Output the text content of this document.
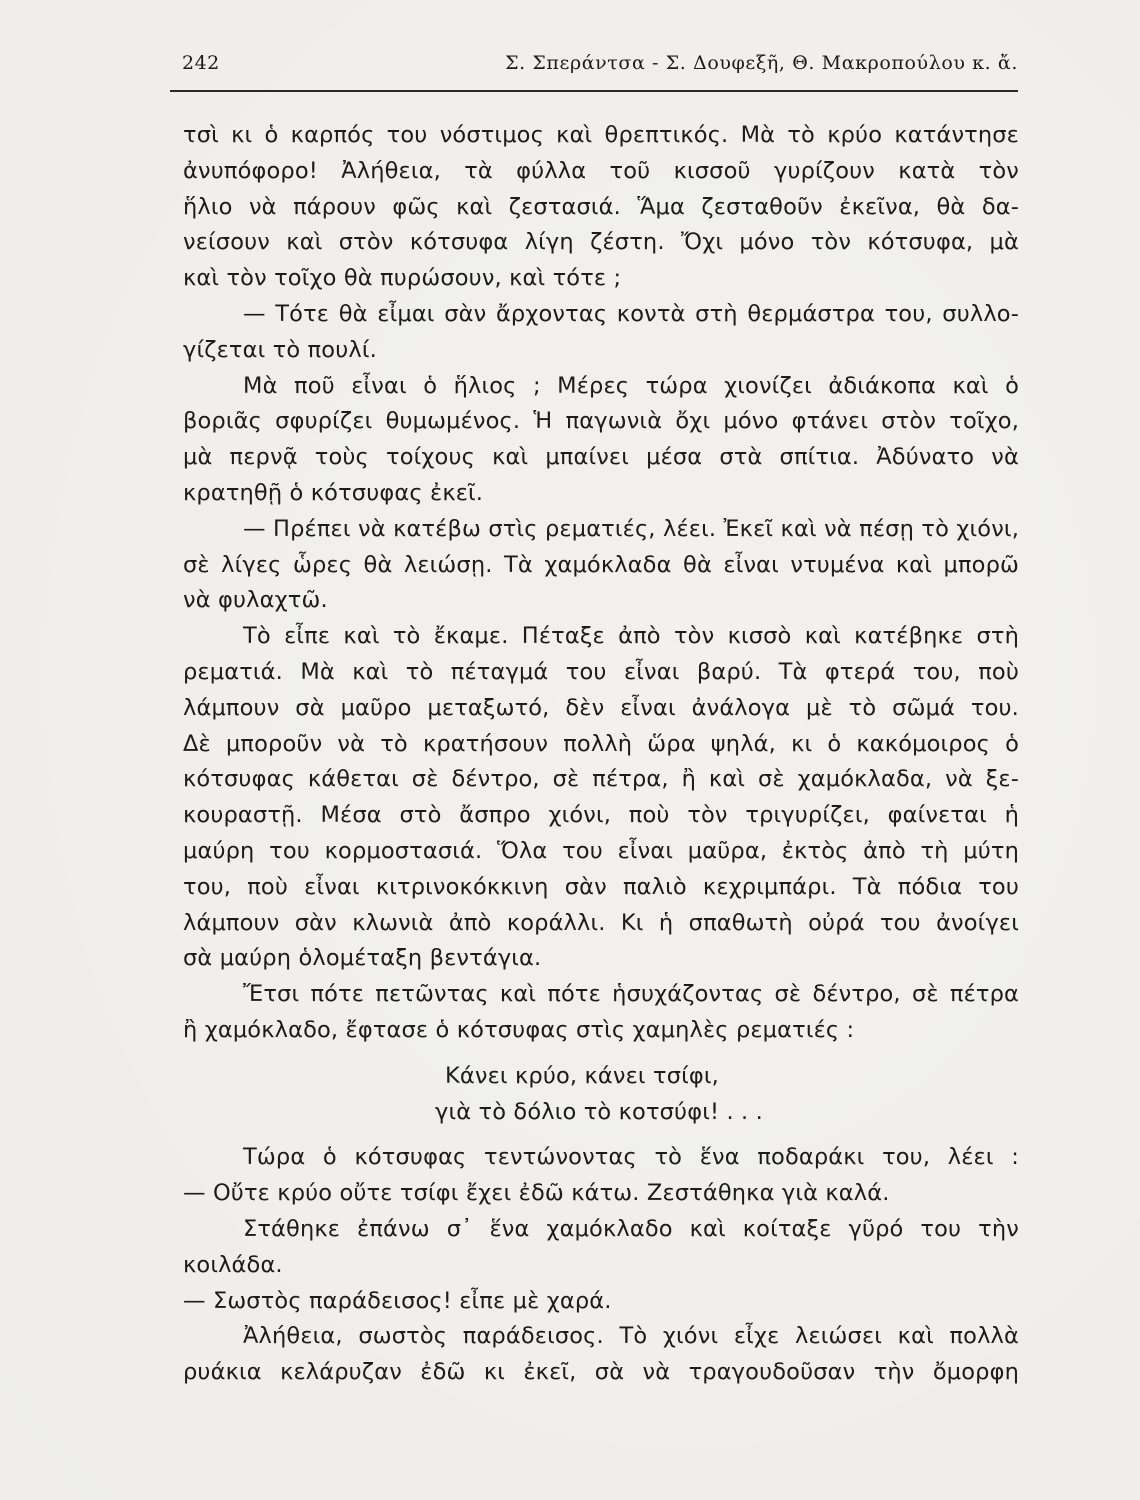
242	Σ. Σπεράντσα - Σ. Δουφεξῆ, Θ. Μακροπούλου κ. ἄ.
τσὶ κι ὁ καρπός του νόστιμος καὶ θρεπτικός. Μὰ τὸ κρύο κατάντησε
ἀνυπόφορο! Ἀλήθεια, τὰ φύλλα τοῦ κισσοῦ γυρίζουν κατὰ τὸν
ἥλιο νὰ πάρουν φῶς καὶ ζεστασιά. Ἅμα ζεσταθοῦν ἐκεῖνα, θὰ δα-
νείσουν καὶ στὸν κότσυφα λίγη ζέστη. Ὄχι μόνο τὸν κότσυφα, μὰ
καὶ τὸν τοῖχο θὰ πυρώσουν, καὶ τότε ;
— Τότε θὰ εἶμαι σὰν ἄρχοντας κοντὰ στὴ θερμάστρα του, συλλο-
γίζεται τὸ πουλί.
Μὰ ποῦ εἶναι ὁ ἥλιος ; Μέρες τώρα χιονίζει ἀδιάκοπα καὶ ὁ
βοριᾶς σφυρίζει θυμωμένος. Ἡ παγωνιὰ ὄχι μόνο φτάνει στὸν τοῖχο,
μὰ περνᾷ τοὺς τοίχους καὶ μπαίνει μέσα στὰ σπίτια. Ἀδύνατο νὰ
κρατηθῇ ὁ κότσυφας ἐκεῖ.
— Πρέπει νὰ κατέβω στὶς ρεματιές, λέει. Ἐκεῖ καὶ νὰ πέσῃ τὸ χιόνι,
σὲ λίγες ὧρες θὰ λειώσῃ. Τὰ χαμόκλαδα θὰ εἶναι ντυμένα καὶ μπορῶ
νὰ φυλαχτῶ.
Τὸ εἶπε καὶ τὸ ἔκαμε. Πέταξε ἀπὸ τὸν κισσὸ καὶ κατέβηκε στὴ
ρεματιά. Μὰ καὶ τὸ πέταγμά του εἶναι βαρύ. Τὰ φτερά του, ποὺ
λάμπουν σὰ μαῦρο μεταξωτό, δὲν εἶναι ἀνάλογα μὲ τὸ σῶμά του.
Δὲ μποροῦν νὰ τὸ κρατήσουν πολλὴ ὥρα ψηλά, κι ὁ κακόμοιρος ὁ
κότσυφας κάθεται σὲ δέντρο, σὲ πέτρα, ἢ καὶ σὲ χαμόκλαδα, νὰ ξε-
κουραστῇ. Μέσα στὸ ἄσπρο χιόνι, ποὺ τὸν τριγυρίζει, φαίνεται ἡ
μαύρη του κορμοστασιά. Ὅλα του εἶναι μαῦρα, ἐκτὸς ἀπὸ τὴ μύτη
του, ποὺ εἶναι κιτρινοκόκκινη σὰν παλιὸ κεχριμπάρι. Τὰ πόδια του
λάμπουν σὰν κλωνιὰ ἀπὸ κοράλλι. Κι ἡ σπαθωτὴ οὐρά του ἀνοίγει
σὰ μαύρη ὁλομέταξη βεντάγια.
Ἔτσι πότε πετῶντας καὶ πότε ἡσυχάζοντας σὲ δέντρο, σὲ πέτρα
ἢ χαμόκλαδο, ἔφτασε ὁ κότσυφας στὶς χαμηλὲς ρεματιές :
Κάνει κρύο, κάνει τσίφι,
γιὰ τὸ δόλιο τὸ κοτσύφι! . . .
Τώρα ὁ κότσυφας τεντώνοντας τὸ ἕνα ποδαράκι του, λέει :
— Οὔτε κρύο οὔτε τσίφι ἔχει ἐδῶ κάτω. Ζεστάθηκα γιὰ καλά.
Στάθηκε ἐπάνω σ᾽ ἕνα χαμόκλαδο καὶ κοίταξε γῦρό του τὴν
κοιλάδα.
— Σωστὸς παράδεισος! εἶπε μὲ χαρά.
Ἀλήθεια, σωστὸς παράδεισος. Τὸ χιόνι εἶχε λειώσει καὶ πολλὰ
ρυάκια κελάρυζαν ἐδῶ κι ἐκεῖ, σὰ νὰ τραγουδοῦσαν τὴν ὄμορφη
